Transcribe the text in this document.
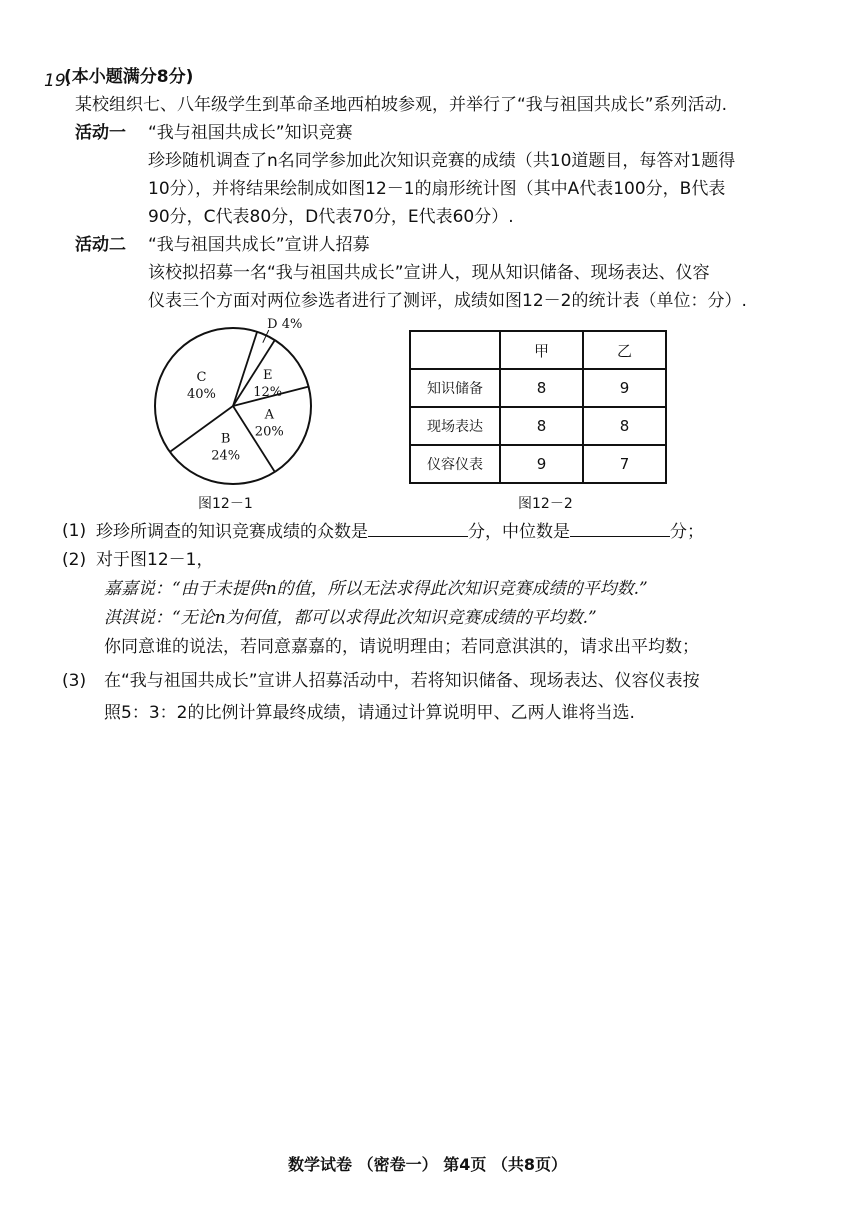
19.
(本小题满分8分)
某校组织七、八年级学生到革命圣地西柏坡参观，并举行了“我与祖国共成长”系列活动.
活动一 “我与祖国共成长”知识竞赛
珍珍随机调查了n名同学参加此次知识竞赛的成绩（共10道题目，每答对1题得
10分），并将结果绘制成如图12－1的扇形统计图（其中A代表100分，B代表
90分，C代表80分，D代表70分，E代表60分）.
活动二 “我与祖国共成长”宣讲人招募
该校拟招募一名“我与祖国共成长”宣讲人，现从知识储备、现场表达、仪容
仪表三个方面对两位参选者进行了测评，成绩如图12－2的统计表（单位：分）.
D 4%
E
12%
A
20%
B
24%
C
40%
图12－1
	甲	乙
知识储备	8	9
现场表达	8	8
仪容仪表	9	7
图12－2
(1) 珍珍所调查的知识竞赛成绩的众数是	分，中位数是	分；
(2) 对于图12－1，
嘉嘉说：“由于未提供n的值，所以无法求得此次知识竞赛成绩的平均数.”
淇淇说：“无论n为何值，都可以求得此次知识竞赛成绩的平均数.”
你同意谁的说法，若同意嘉嘉的，请说明理由；若同意淇淇的，请求出平均数；
(3) 在“我与祖国共成长”宣讲人招募活动中，若将知识储备、现场表达、仪容仪表按
照5：3：2的比例计算最终成绩，请通过计算说明甲、乙两人谁将当选.
数学试卷 （密卷一） 第4页 （共8页）
